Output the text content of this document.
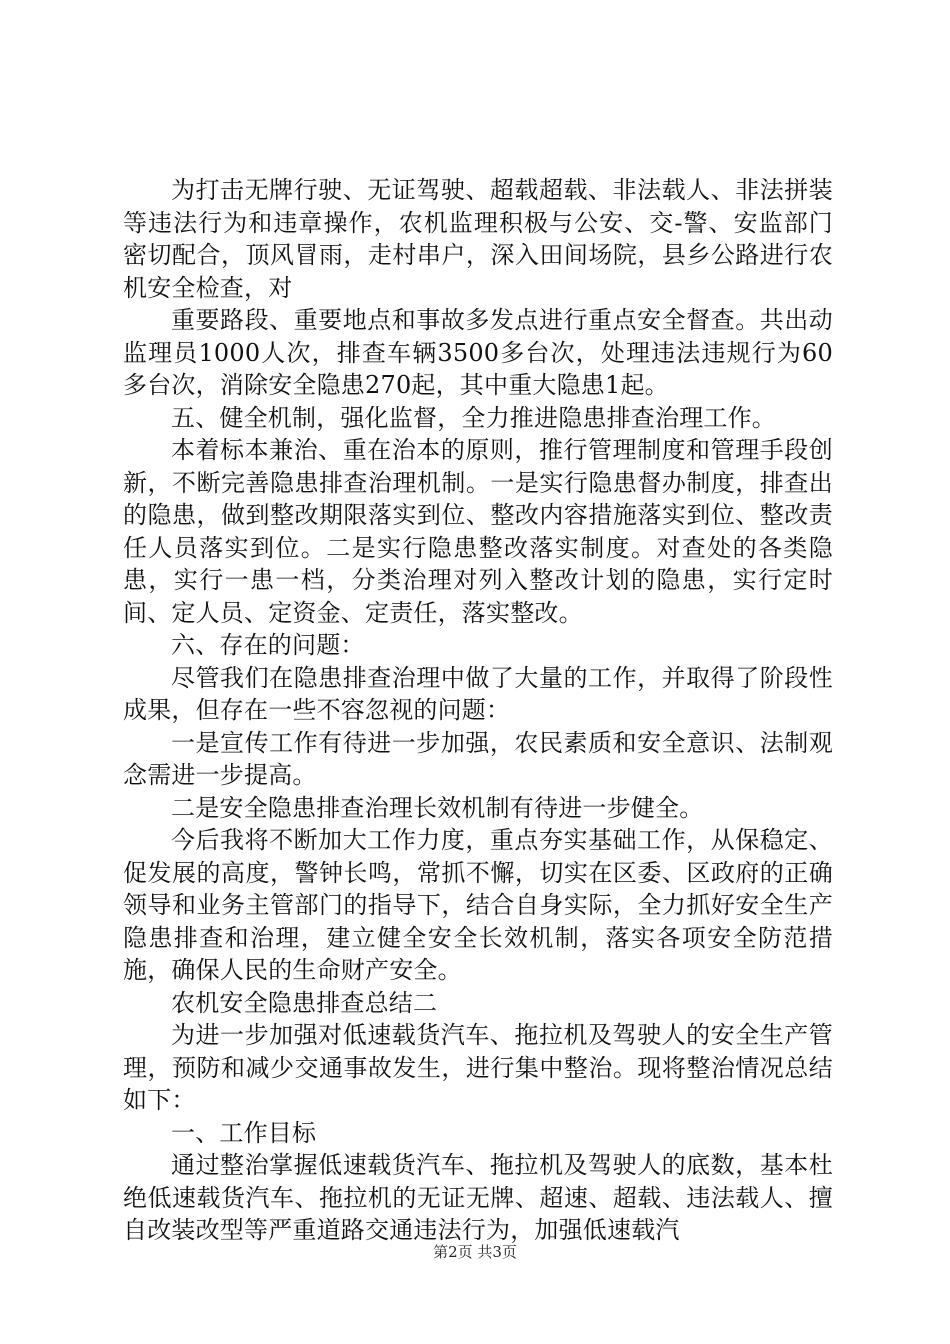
为打击无牌行驶、无证驾驶、超载超载、非法载人、非法拼装等违法行为和违章操作，农机监理积极与公安、交-警、安监部门密切配合，顶风冒雨，走村串户，深入田间场院，县乡公路进行农机安全检查，对

重要路段、重要地点和事故多发点进行重点安全督查。共出动监理员1000人次，排查车辆3500多台次，处理违法违规行为60多台次，消除安全隐患270起，其中重大隐患1起。

五、健全机制，强化监督，全力推进隐患排查治理工作。

本着标本兼治、重在治本的原则，推行管理制度和管理手段创新，不断完善隐患排查治理机制。一是实行隐患督办制度，排查出的隐患，做到整改期限落实到位、整改内容措施落实到位、整改责任人员落实到位。二是实行隐患整改落实制度。对查处的各类隐患，实行一患一档，分类治理对列入整改计划的隐患，实行定时间、定人员、定资金、定责任，落实整改。

六、存在的问题：

尽管我们在隐患排查治理中做了大量的工作，并取得了阶段性成果，但存在一些不容忽视的问题：

一是宣传工作有待进一步加强，农民素质和安全意识、法制观念需进一步提高。

二是安全隐患排查治理长效机制有待进一步健全。

今后我将不断加大工作力度，重点夯实基础工作，从保稳定、促发展的高度，警钟长鸣，常抓不懈，切实在区委、区政府的正确领导和业务主管部门的指导下，结合自身实际，全力抓好安全生产隐患排查和治理，建立健全安全长效机制，落实各项安全防范措施，确保人民的生命财产安全。

农机安全隐患排查总结二

为进一步加强对低速载货汽车、拖拉机及驾驶人的安全生产管理，预防和减少交通事故发生，进行集中整治。现将整治情况总结如下：

一、工作目标

通过整治掌握低速载货汽车、拖拉机及驾驶人的底数，基本杜绝低速载货汽车、拖拉机的无证无牌、超速、超载、违法载人、擅自改装改型等严重道路交通违法行为，加强低速载汽

第2页 共3页
